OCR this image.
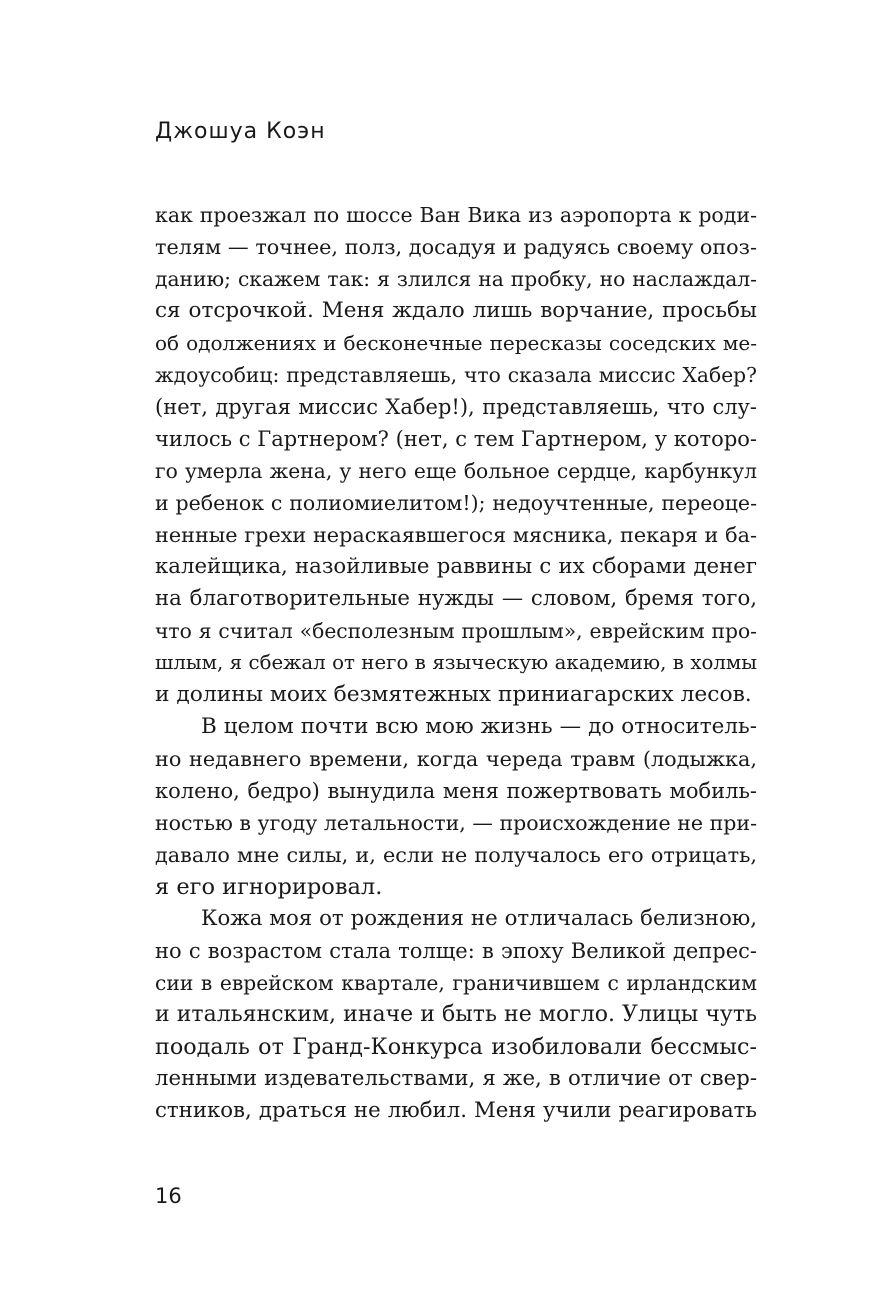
Джошуа Коэн
как проезжал по шоссе Ван Вика из аэропорта к роди-
телям — точнее, полз, досадуя и радуясь своему опоз-
данию; скажем так: я злился на пробку, но наслаждал-
ся отсрочкой. Меня ждало лишь ворчание, просьбы
об одолжениях и бесконечные пересказы соседских ме-
ждоусобиц: представляешь, что сказала миссис Хабер?
(нет, другая миссис Хабер!), представляешь, что слу-
чилось с Гартнером? (нет, с тем Гартнером, у которо-
го умерла жена, у него еще больное сердце, карбункул
и ребенок с полиомиелитом!); недоучтенные, переоце-
ненные грехи нераскаявшегося мясника, пекаря и ба-
калейщика, назойливые раввины с их сборами денег
на благотворительные нужды — словом, бремя того,
что я считал «бесполезным прошлым», еврейским про-
шлым, я сбежал от него в языческую академию, в холмы
и долины моих безмятежных приниагарских лесов.
В целом почти всю мою жизнь — до относитель-
но недавнего времени, когда череда травм (лодыжка,
колено, бедро) вынудила меня пожертвовать мобиль-
ностью в угоду летальности, — происхождение не при-
давало мне силы, и, если не получалось его отрицать,
я его игнорировал.
Кожа моя от рождения не отличалась белизною,
но с возрастом стала толще: в эпоху Великой депрес-
сии в еврейском квартале, граничившем с ирландским
и итальянским, иначе и быть не могло. Улицы чуть
поодаль от Гранд-Конкурса изобиловали бессмыс-
ленными издевательствами, я же, в отличие от свер-
стников, драться не любил. Меня учили реагировать
16
